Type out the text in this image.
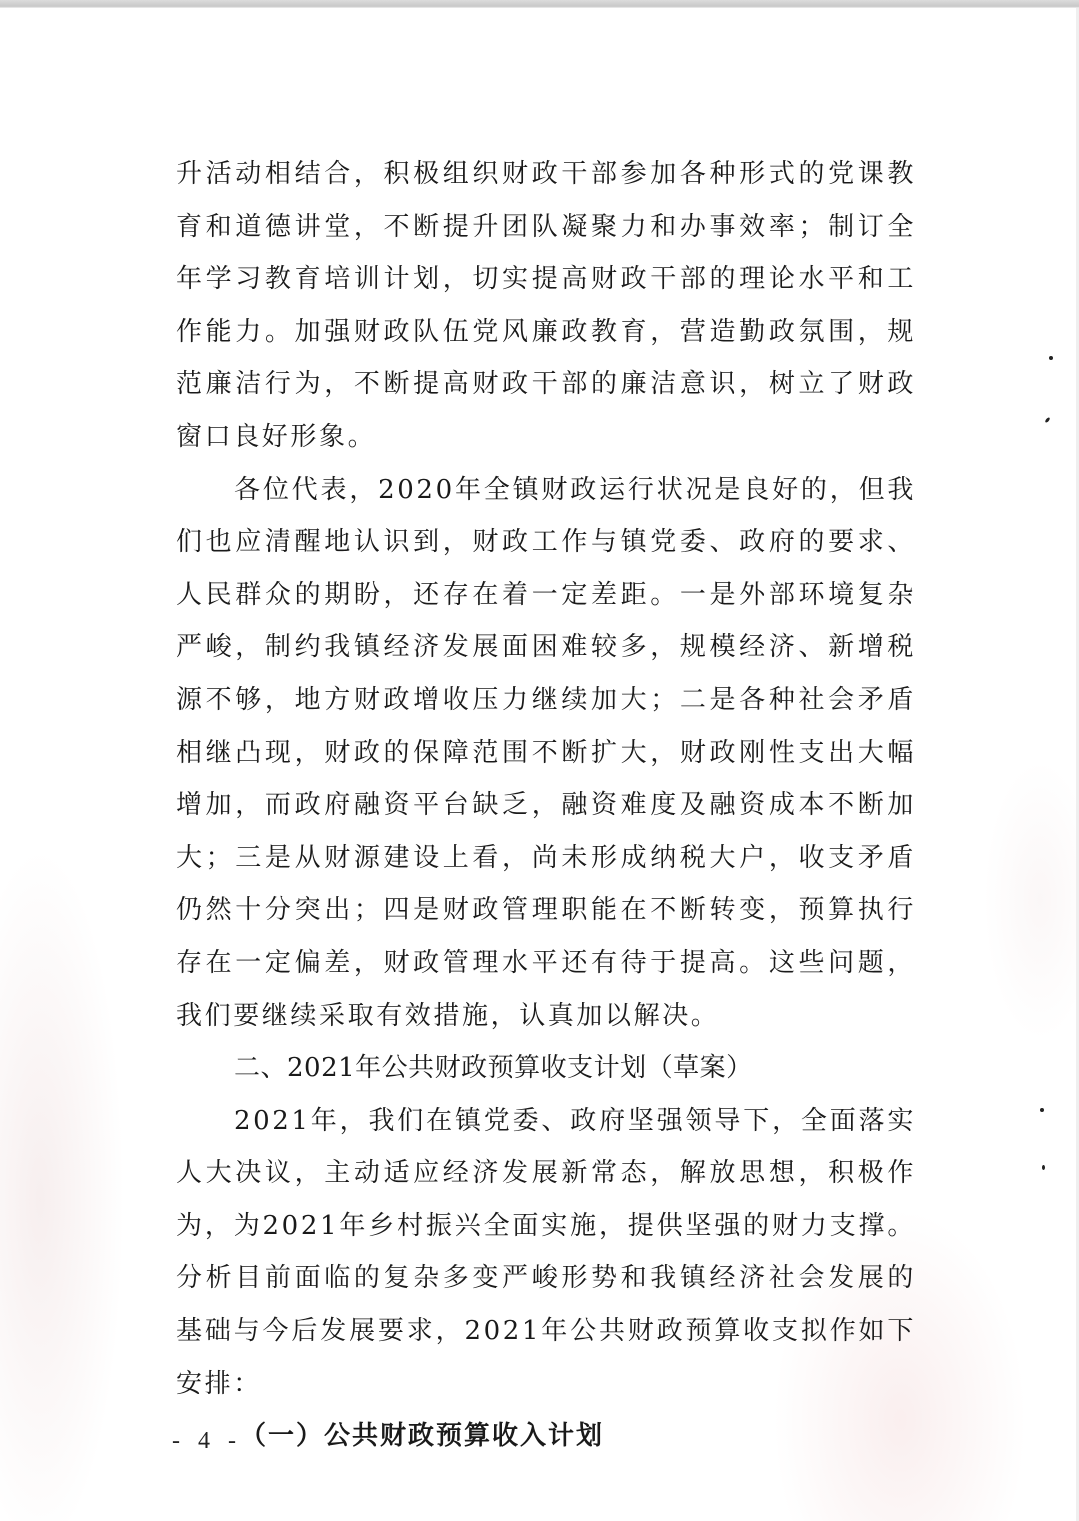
升活动相结合，积极组织财政干部参加各种形式的党课教育和道德讲堂，不断提升团队凝聚力和办事效率；制订全年学习教育培训计划，切实提高财政干部的理论水平和工作能力。加强财政队伍党风廉政教育，营造勤政氛围，规范廉洁行为，不断提高财政干部的廉洁意识，树立了财政窗口良好形象。

各位代表，2020年全镇财政运行状况是良好的，但我们也应清醒地认识到，财政工作与镇党委、政府的要求、人民群众的期盼，还存在着一定差距。一是外部环境复杂严峻，制约我镇经济发展面困难较多，规模经济、新增税源不够，地方财政增收压力继续加大；二是各种社会矛盾相继凸现，财政的保障范围不断扩大，财政刚性支出大幅增加，而政府融资平台缺乏，融资难度及融资成本不断加大；三是从财源建设上看，尚未形成纳税大户，收支矛盾仍然十分突出；四是财政管理职能在不断转变，预算执行存在一定偏差，财政管理水平还有待于提高。这些问题，我们要继续采取有效措施，认真加以解决。

二、2021年公共财政预算收支计划（草案）

2021年，我们在镇党委、政府坚强领导下，全面落实人大决议，主动适应经济发展新常态，解放思想，积极作为，为2021年乡村振兴全面实施，提供坚强的财力支撑。分析目前面临的复杂多变严峻形势和我镇经济社会发展的基础与今后发展要求，2021年公共财政预算收支拟作如下安排：

（一）公共财政预算收入计划

- 4 -
